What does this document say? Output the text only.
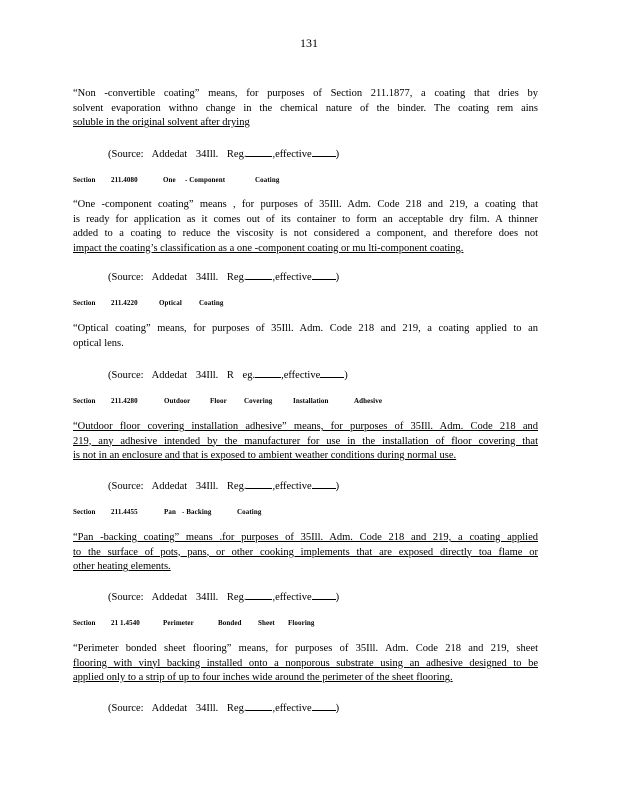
131

“Non -convertible coating” means, for purposes of Section 211.1877, a coating that dries by
solvent evaporation withno change in the chemical nature of the binder. The coating rem ains
soluble in the original solvent after drying

(Source: Addedat 34Ill. Reg. ,effective )
Section 211.4080	One - Component	Coating

“One -component coating” means , for purposes of 35Ill. Adm. Code 218 and 219, a coating that
is ready for application as it comes out of its container to form an acceptable dry film. A thinner
added to a coating to reduce the viscosity is not considered a component, and therefore does not
impact the coating’s classification as a one -component coating or mu lti-component coating.

(Source: Addedat 34Ill. Reg. ,effective )
Section 211.4220	Optical Coating

“Optical coating” means, for purposes of 35Ill. Adm. Code 218 and 219, a coating applied to an
optical lens.

(Source: Addedat 34Ill. R eg. ,effective )
Section 211.4280	Outdoor	Floor Covering	Installation	Adhesive

“Outdoor floor covering installation adhesive” means, for purposes of 35Ill. Adm. Code 218 and
219, any adhesive intended by the manufacturer for use in the installation of floor covering that
is not in an enclosure and that is exposed to ambient weather conditions during normal use.

(Source: Addedat 34Ill. Reg. ,effective )
Section 211.4455	Pan - Backing	Coating

“Pan -backing coating” means .for purposes of 35Ill. Adm. Code 218 and 219, a coating applied
to the surface of pots, pans, or other cooking implements that are exposed directly toa flame or
other heating elements.

(Source: Addedat 34Ill. Reg. ,effective )
Section 21 1.4540	Perimeter	Bonded Sheet Flooring

“Perimeter bonded sheet flooring” means, for purposes of 35Ill. Adm. Code 218 and 219, sheet
flooring with vinyl backing installed onto a nonporous substrate using an adhesive designed to be
applied only to a strip of up to four inches wide around the perimeter of the sheet flooring.

(Source: Addedat 34Ill. Reg. ,effective )
